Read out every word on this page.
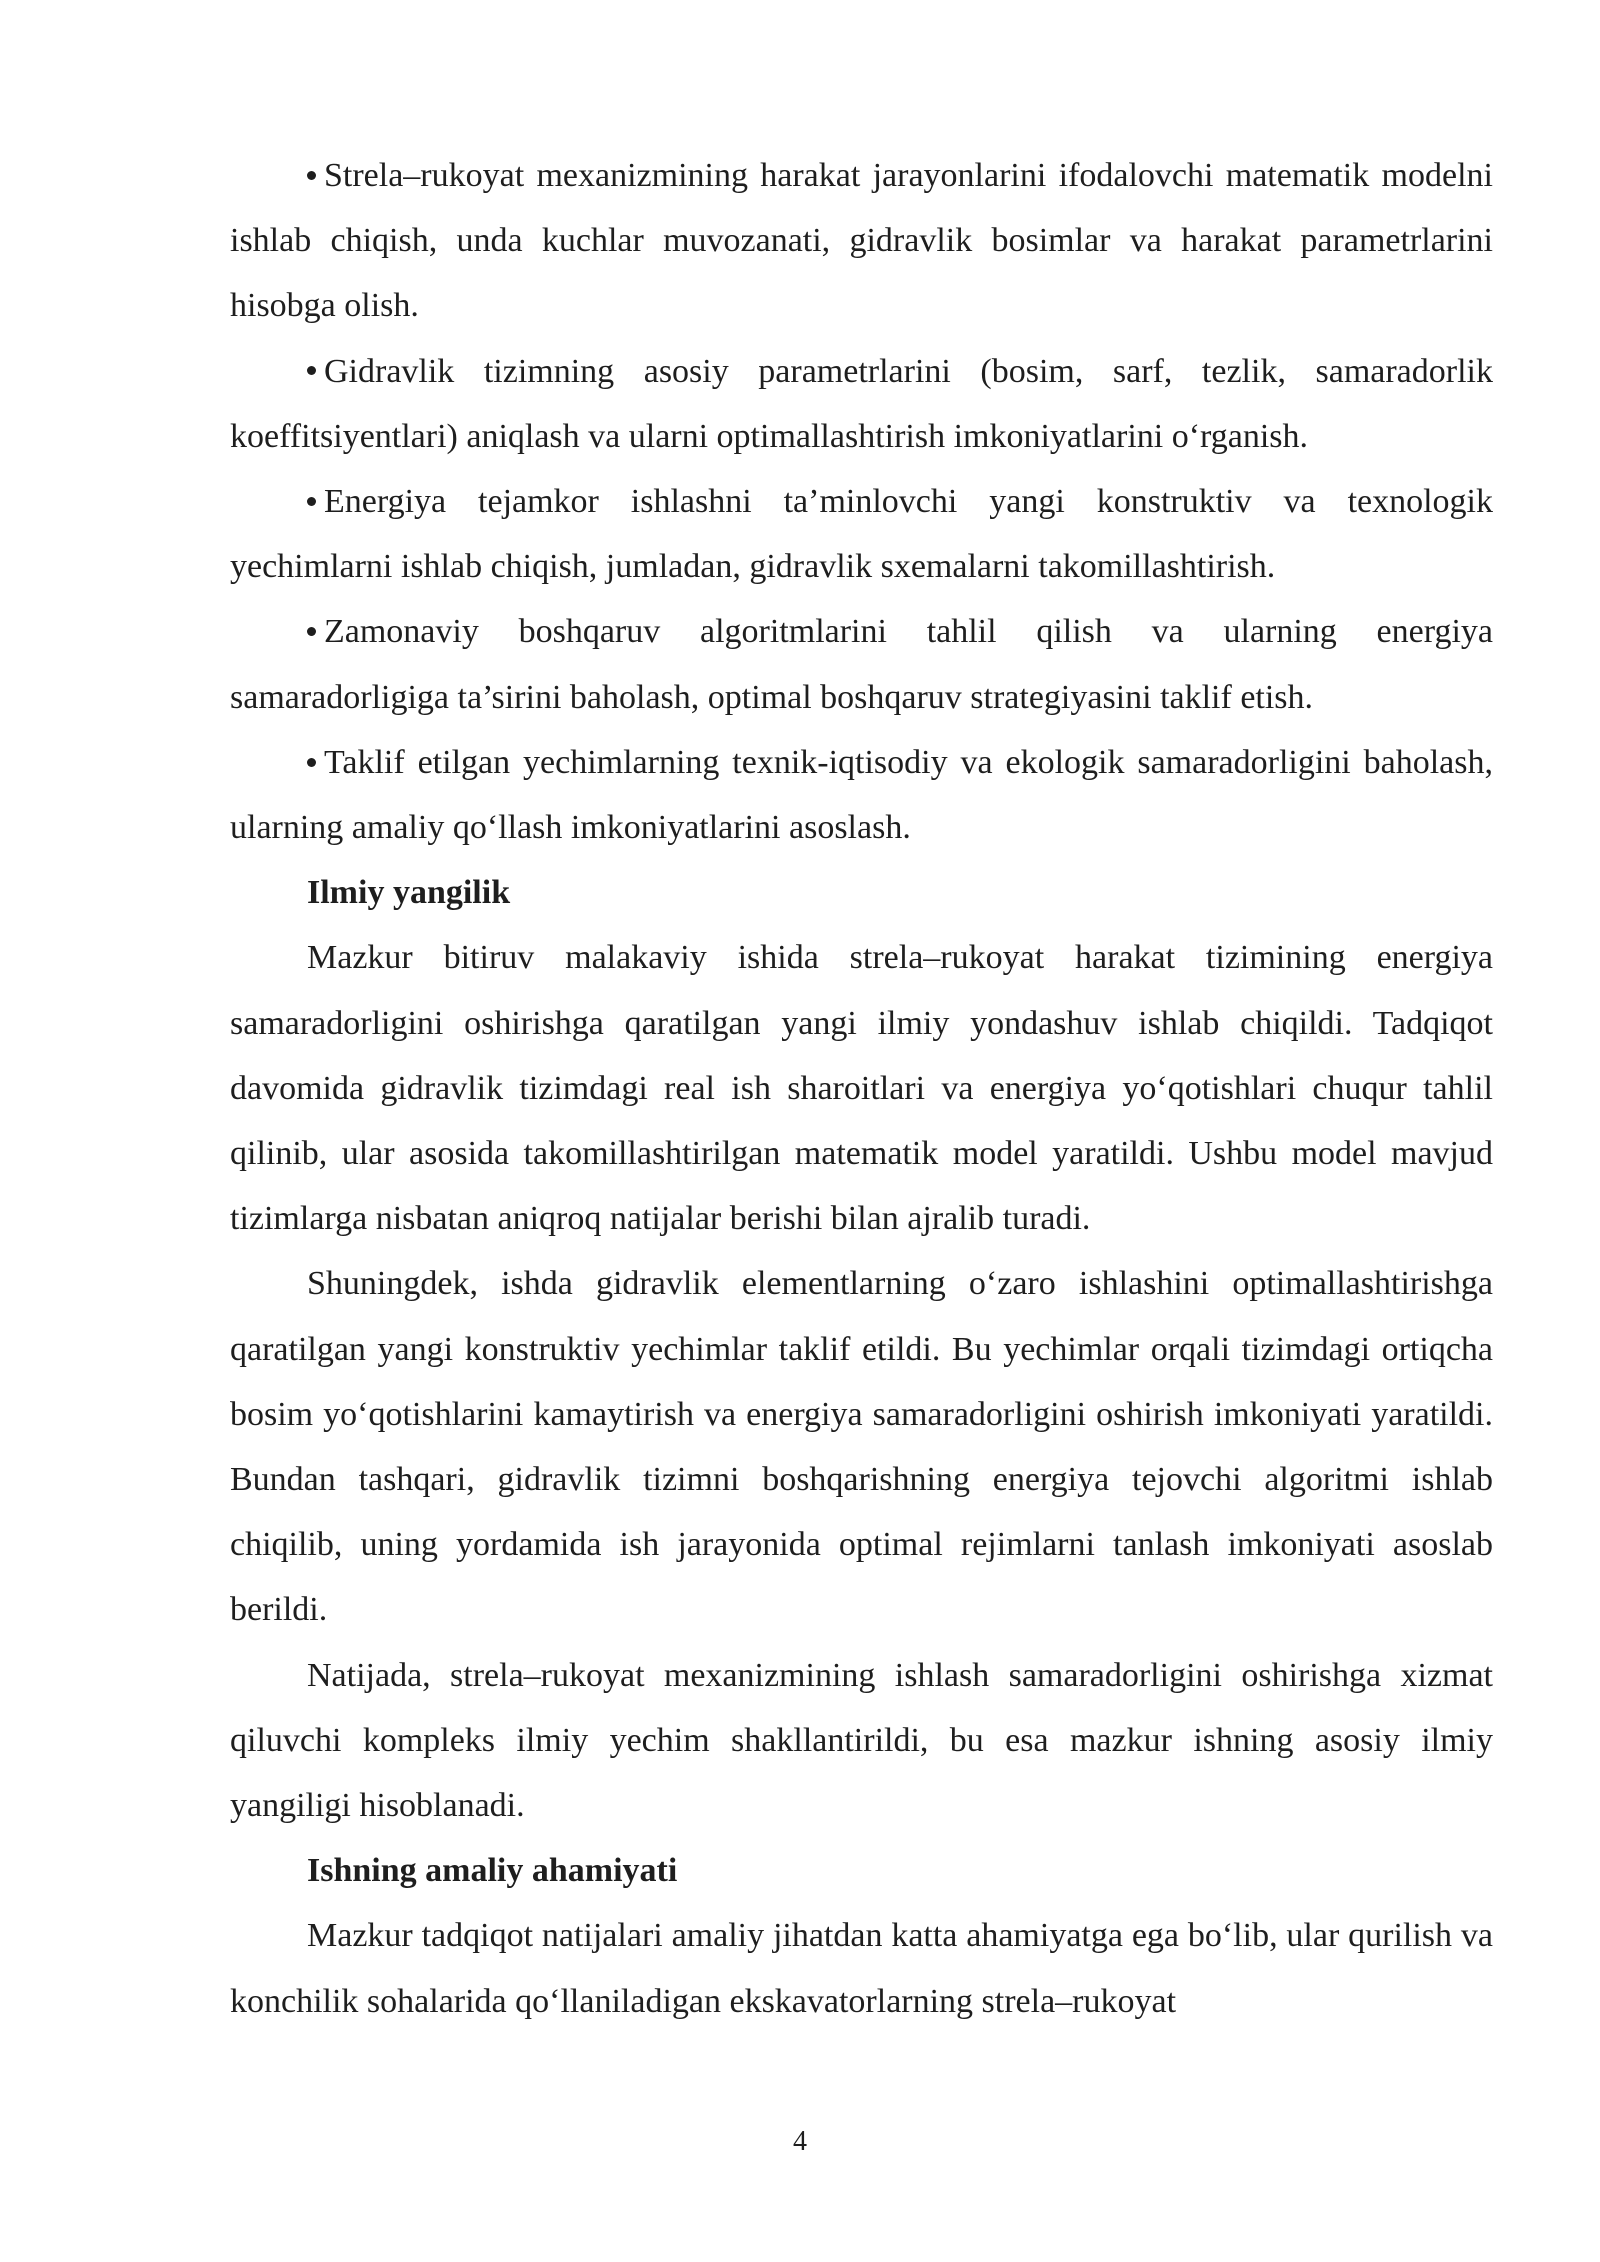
Strela–rukoyat mexanizmining harakat jarayonlarini ifodalovchi matematik modelni ishlab chiqish, unda kuchlar muvozanati, gidravlik bosimlar va harakat parametrlarini hisobga olish.

Gidravlik tizimning asosiy parametrlarini (bosim, sarf, tezlik, samaradorlik koeffitsiyentlari) aniqlash va ularni optimallashtirish imkoniyatlarini o‘rganish.

Energiya tejamkor ishlashni ta’minlovchi yangi konstruktiv va texnologik yechimlarni ishlab chiqish, jumladan, gidravlik sxemalarni takomillashtirish.

Zamonaviy boshqaruv algoritmlarini tahlil qilish va ularning energiya samaradorligiga ta’sirini baholash, optimal boshqaruv strategiyasini taklif etish.

Taklif etilgan yechimlarning texnik-iqtisodiy va ekologik samaradorligini baholash, ularning amaliy qo‘llash imkoniyatlarini asoslash.

Ilmiy yangilik

Mazkur bitiruv malakaviy ishida strela–rukoyat harakat tizimining energiya samaradorligini oshirishga qaratilgan yangi ilmiy yondashuv ishlab chiqildi. Tadqiqot davomida gidravlik tizimdagi real ish sharoitlari va energiya yo‘qotishlari chuqur tahlil qilinib, ular asosida takomillashtirilgan matematik model yaratildi. Ushbu model mavjud tizimlarga nisbatan aniqroq natijalar berishi bilan ajralib turadi.

Shuningdek, ishda gidravlik elementlarning o‘zaro ishlashini optimallashtirishga qaratilgan yangi konstruktiv yechimlar taklif etildi. Bu yechimlar orqali tizimdagi ortiqcha bosim yo‘qotishlarini kamaytirish va energiya samaradorligini oshirish imkoniyati yaratildi. Bundan tashqari, gidravlik tizimni boshqarishning energiya tejovchi algoritmi ishlab chiqilib, uning yordamida ish jarayonida optimal rejimlarni tanlash imkoniyati asoslab berildi.

Natijada, strela–rukoyat mexanizmining ishlash samaradorligini oshirishga xizmat qiluvchi kompleks ilmiy yechim shakllantirildi, bu esa mazkur ishning asosiy ilmiy yangiligi hisoblanadi.

Ishning amaliy ahamiyati

Mazkur tadqiqot natijalari amaliy jihatdan katta ahamiyatga ega bo‘lib, ular qurilish va konchilik sohalarida qo‘llaniladigan ekskavatorlarning strela–rukoyat

4
